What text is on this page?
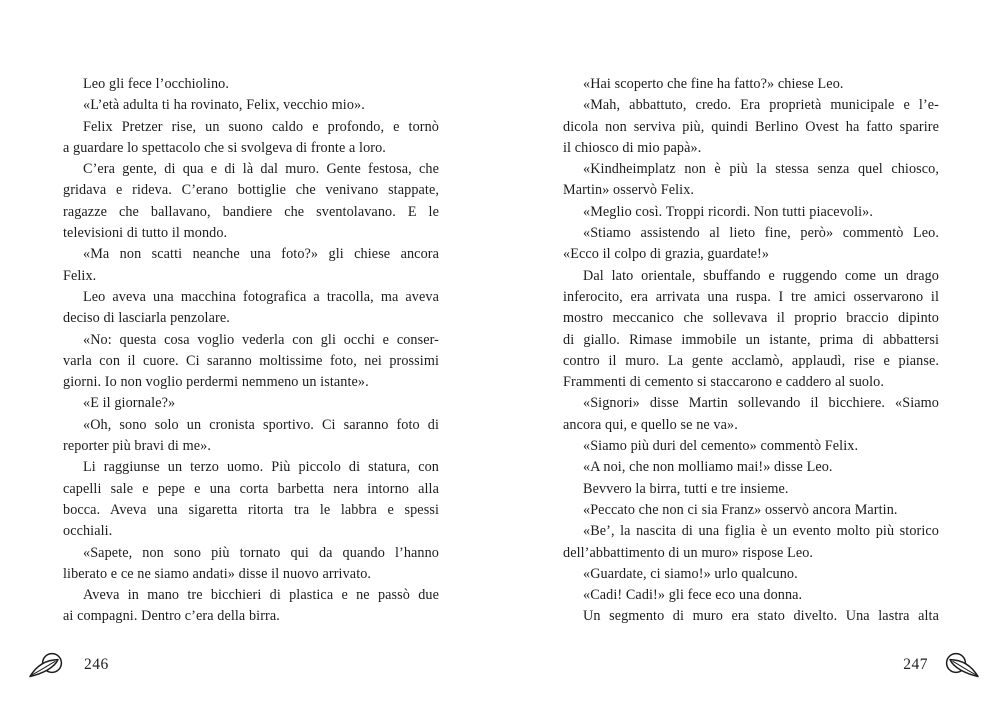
Leo gli fece l’occhiolino.
«L’età adulta ti ha rovinato, Felix, vecchio mio».
Felix Pretzer rise, un suono caldo e profondo, e tornò
a guardare lo spettacolo che si svolgeva di fronte a loro.
C’era gente, di qua e di là dal muro. Gente festosa, che
gridava e rideva. C’erano bottiglie che venivano stappate,
ragazze che ballavano, bandiere che sventolavano. E le
televisioni di tutto il mondo.
«Ma non scatti neanche una foto?» gli chiese ancora
Felix.
Leo aveva una macchina fotografica a tracolla, ma aveva
deciso di lasciarla penzolare.
«No: questa cosa voglio vederla con gli occhi e conser-
varla con il cuore. Ci saranno moltissime foto, nei prossimi
giorni. Io non voglio perdermi nemmeno un istante».
«E il giornale?»
«Oh, sono solo un cronista sportivo. Ci saranno foto di
reporter più bravi di me».
Li raggiunse un terzo uomo. Più piccolo di statura, con
capelli sale e pepe e una corta barbetta nera intorno alla
bocca. Aveva una sigaretta ritorta tra le labbra e spessi
occhiali.
«Sapete, non sono più tornato qui da quando l’hanno
liberato e ce ne siamo andati» disse il nuovo arrivato.
Aveva in mano tre bicchieri di plastica e ne passò due
ai compagni. Dentro c’era della birra.
246
«Hai scoperto che fine ha fatto?» chiese Leo.
«Mah, abbattuto, credo. Era proprietà municipale e l’e-
dicola non serviva più, quindi Berlino Ovest ha fatto sparire
il chiosco di mio papà».
«Kindheimplatz non è più la stessa senza quel chiosco,
Martin» osservò Felix.
«Meglio così. Troppi ricordi. Non tutti piacevoli».
«Stiamo assistendo al lieto fine, però» commentò Leo.
«Ecco il colpo di grazia, guardate!»
Dal lato orientale, sbuffando e ruggendo come un drago
inferocito, era arrivata una ruspa. I tre amici osservarono il
mostro meccanico che sollevava il proprio braccio dipinto
di giallo. Rimase immobile un istante, prima di abbattersi
contro il muro. La gente acclamò, applaudì, rise e pianse.
Frammenti di cemento si staccarono e caddero al suolo.
«Signori» disse Martin sollevando il bicchiere. «Siamo
ancora qui, e quello se ne va».
«Siamo più duri del cemento» commentò Felix.
«A noi, che non molliamo mai!» disse Leo.
Bevvero la birra, tutti e tre insieme.
«Peccato che non ci sia Franz» osservò ancora Martin.
«Be’, la nascita di una figlia è un evento molto più storico
dell’abbattimento di un muro» rispose Leo.
«Guardate, ci siamo!» urlo qualcuno.
«Cadi! Cadi!» gli fece eco una donna.
Un segmento di muro era stato divelto. Una lastra alta
247
